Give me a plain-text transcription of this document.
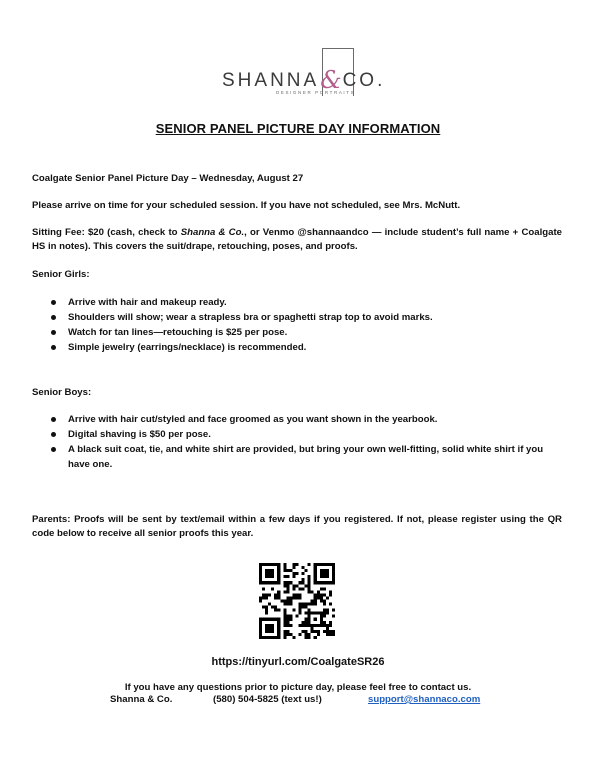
SHANNA&CO.
DESIGNER PORTRAITS
SENIOR PANEL PICTURE DAY INFORMATION
Coalgate Senior Panel Picture Day – Wednesday, August 27
Please arrive on time for your scheduled session. If you have not scheduled, see Mrs. McNutt.
Sitting Fee: $20 (cash, check to Shanna & Co., or Venmo @shannaandco — include student’s full name + Coalgate HS in notes). This covers the suit/drape, retouching, poses, and proofs.
Senior Girls:
Arrive with hair and makeup ready.
Shoulders will show; wear a strapless bra or spaghetti strap top to avoid marks.
Watch for tan lines—retouching is $25 per pose.
Simple jewelry (earrings/necklace) is recommended.
Senior Boys:
Arrive with hair cut/styled and face groomed as you want shown in the yearbook.
Digital shaving is $50 per pose.
A black suit coat, tie, and white shirt are provided, but bring your own well-fitting, solid white shirt if you have one.
Parents: Proofs will be sent by text/email within a few days if you registered. If not, please register using the QR code below to receive all senior proofs this year.
https://tinyurl.com/CoalgateSR26
If you have any questions prior to picture day, please feel free to contact us.
Shanna & Co.	(580) 504-5825 (text us!)	support@shannaco.com
